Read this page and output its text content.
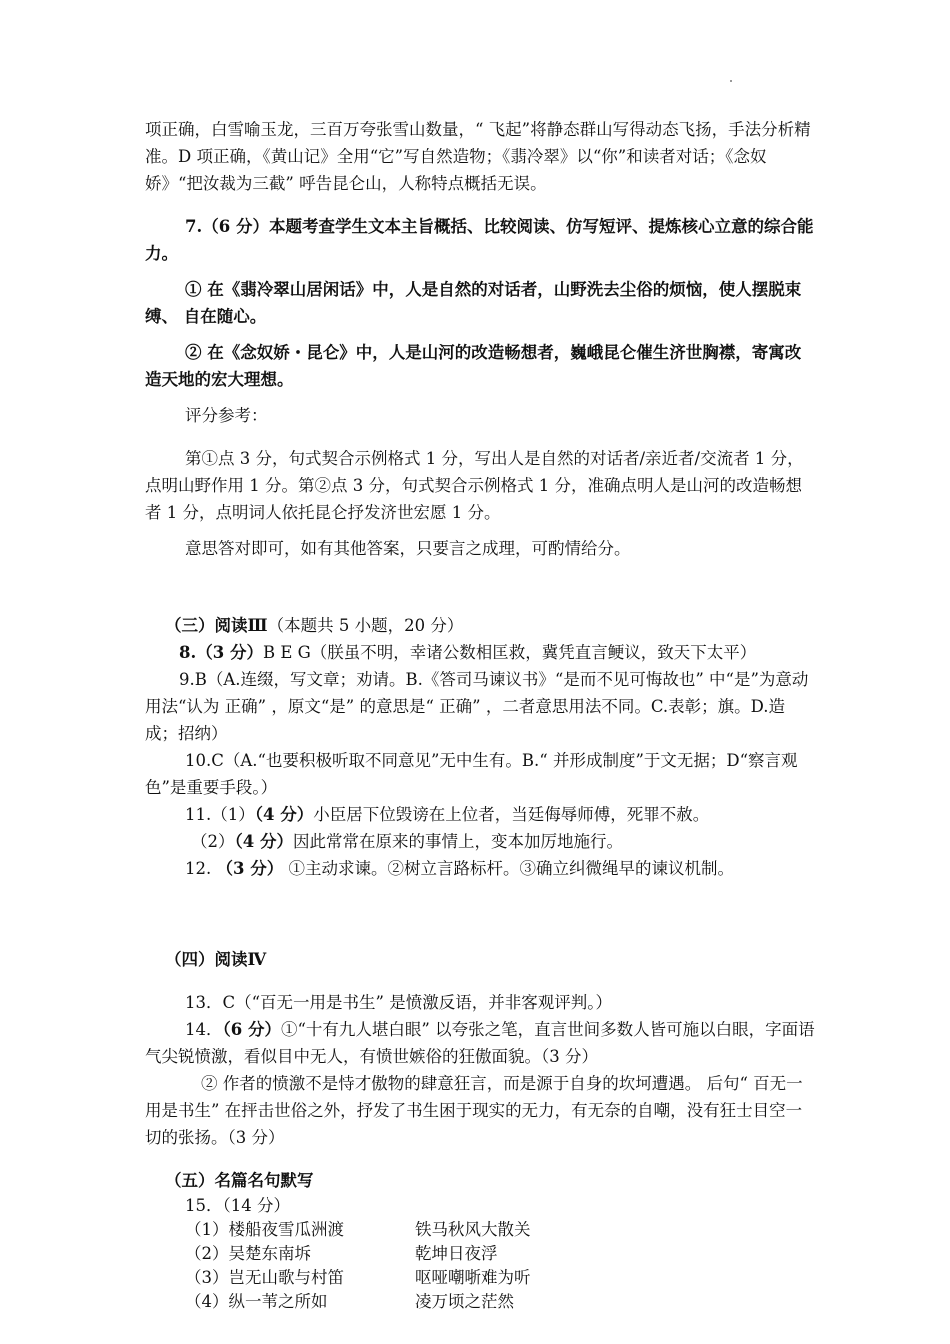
项正确，白雪喻玉龙，三百万夸张雪山数量，“ 飞起”将静态群山写得动态飞扬，手法分析精准。D 项正确，《黄山记》全用“它”写自然造物；《翡冷翠》以“你”和读者对话；《念奴娇》“把汝裁为三截” 呼告昆仑山，人称特点概括无误。

7.（6 分）本题考查学生文本主旨概括、比较阅读、仿写短评、提炼核心立意的综合能力。

① 在《翡冷翠山居闲话》中，人是自然的对话者，山野洗去尘俗的烦恼，使人摆脱束缚、 自在随心。

② 在《念奴娇・昆仑》中，人是山河的改造畅想者，巍峨昆仑催生济世胸襟，寄寓改造天地的宏大理想。

评分参考：

第①点 3 分，句式契合示例格式 1 分，写出人是自然的对话者/亲近者/交流者 1 分，点明山野作用 1 分。第②点 3 分，句式契合示例格式 1 分，准确点明人是山河的改造畅想者 1 分，点明词人依托昆仑抒发济世宏愿 1 分。

意思答对即可，如有其他答案，只要言之成理，可酌情给分。

（三）阅读Ⅲ（本题共 5 小题，20 分）

8.（3 分）B E G（朕虽不明，幸诸公数相匡救，冀凭直言鲠议，致天下太平）

9.B（A.连缀，写文章；劝请。B.《答司马谏议书》“是而不见可悔故也” 中“是”为意动用法“认为 正确” ，原文“是” 的意思是“ 正确” ，二者意思用法不同。C.表彰；旗。D.造成；招纳）

10.C（A.“也要积极听取不同意见”无中生有。B.“ 并形成制度”于文无据；D“察言观色”是重要手段。）

11.（1）（4 分）小臣居下位毁谤在上位者，当廷侮辱师傅，死罪不赦。

（2）（4 分）因此常常在原来的事情上，变本加厉地施行。

12. （3 分） ①主动求谏。②树立言路标杆。③确立纠微绳早的谏议机制。

（四）阅读Ⅳ

13．C（“百无一用是书生” 是愤激反语，并非客观评判。）

14．（6 分）①“十有九人堪白眼” 以夸张之笔，直言世间多数人皆可施以白眼，字面语气尖锐愤激，看似目中无人，有愤世嫉俗的狂傲面貌。（3 分）

② 作者的愤激不是恃才傲物的肆意狂言，而是源于自身的坎坷遭遇。 后句“ 百无一用是书生” 在抨击世俗之外，抒发了书生困于现实的无力，有无奈的自嘲，没有狂士目空一切的张扬。（3 分）

（五）名篇名句默写

15．（14 分）

（1）楼船夜雪瓜洲渡	铁马秋风大散关
（2）吴楚东南坼	乾坤日夜浮
（3）岂无山歌与村笛	呕哑嘲哳难为听
（4）纵一苇之所如	凌万顷之茫然
